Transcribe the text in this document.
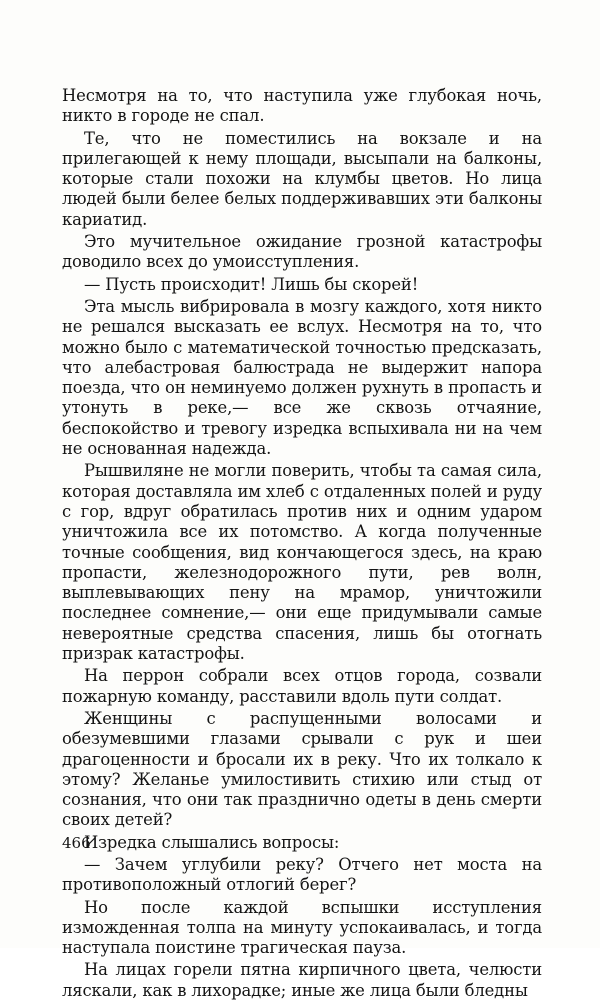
Несмотря на то, что наступила уже глубокая ночь, никто в городе не спал.

Те, что не поместились на вокзале и на прилегающей к нему площади, высыпали на балконы, которые стали похожи на клумбы цветов. Но лица людей были белее белых поддерживавших эти балконы кариатид.

Это мучительное ожидание грозной катастрофы доводило всех до умоисступления.

— Пусть происходит! Лишь бы скорей!

Эта мысль вибрировала в мозгу каждого, хотя никто не решался высказать ее вслух. Несмотря на то, что можно было с математической точностью предсказать, что алебастровая балюстрада не выдержит напора поезда, что он неминуемо должен рухнуть в пропасть и утонуть в реке,— все же сквозь отчаяние, беспокойство и тревогу изредка вспыхивала ни на чем не основанная надежда.

Рышвиляне не могли поверить, чтобы та самая сила, которая доставляла им хлеб с отдаленных полей и руду с гор, вдруг обратилась против них и одним ударом уничтожила все их потомство. А когда полученные точные сообщения, вид кончающегося здесь, на краю пропасти, железнодорожного пути, рев волн, выплевывающих пену на мрамор, уничтожили последнее сомнение,— они еще придумывали самые невероятные средства спасения, лишь бы отогнать призрак катастрофы.

На перрон собрали всех отцов города, созвали пожарную команду, расставили вдоль пути солдат.

Женщины с распущенными волосами и обезумевшими глазами срывали с рук и шеи драгоценности и бросали их в реку. Что их толкало к этому? Желанье умилостивить стихию или стыд от сознания, что они так празднично одеты в день смерти своих детей?

Изредка слышались вопросы:

— Зачем углубили реку? Отчего нет моста на противоположный отлогий берег?

Но после каждой вспышки исступления изможденная толпа на минуту успокаивалась, и тогда наступала поистине трагическая пауза.

На лицах горели пятна кирпичного цвета, челюсти ляскали, как в лихорадке; иные же лица были бледны

466
